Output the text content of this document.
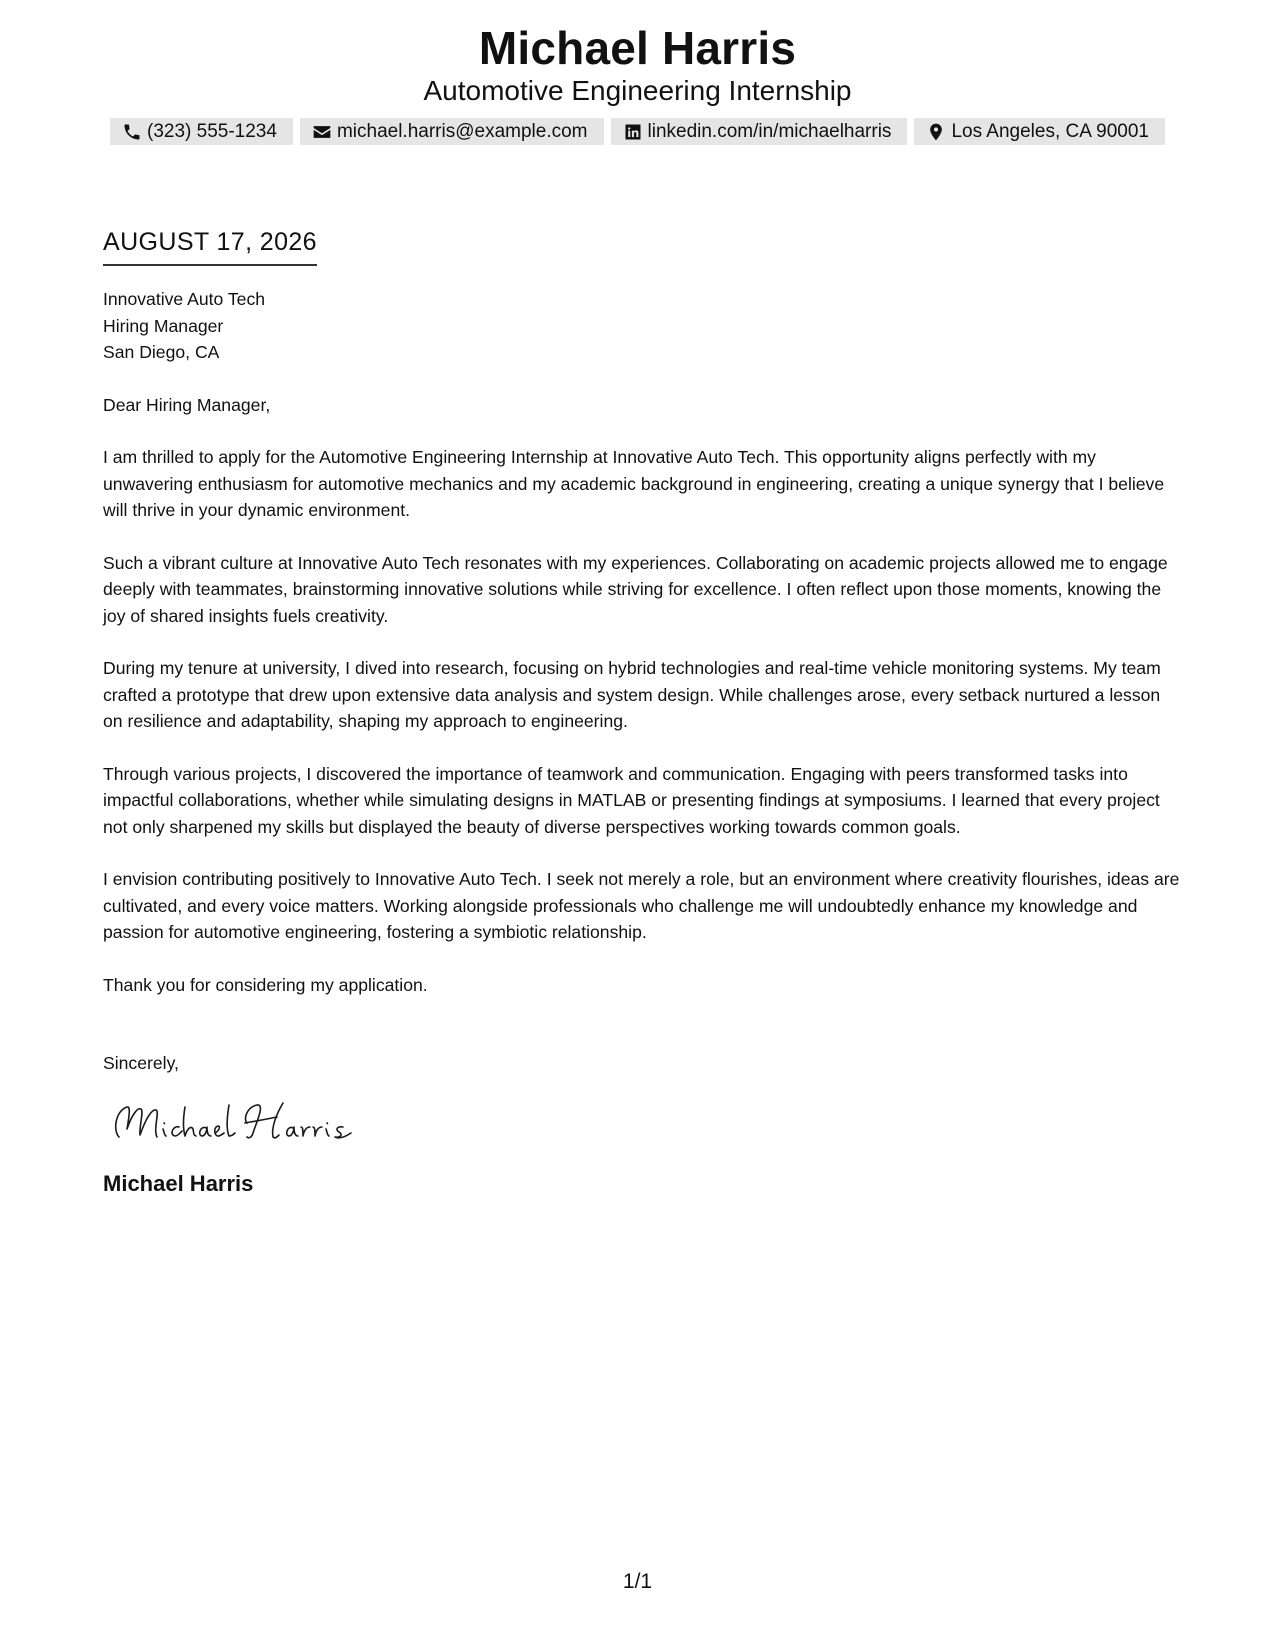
Michael Harris
Automotive Engineering Internship
(323) 555-1234	michael.harris@example.com	linkedin.com/in/michaelharris	Los Angeles, CA 90001
AUGUST 17, 2026
Innovative Auto Tech
Hiring Manager
San Diego, CA
Dear Hiring Manager,

I am thrilled to apply for the Automotive Engineering Internship at Innovative Auto Tech. This opportunity aligns perfectly with my unwavering enthusiasm for automotive mechanics and my academic background in engineering, creating a unique synergy that I believe will thrive in your dynamic environment.

Such a vibrant culture at Innovative Auto Tech resonates with my experiences. Collaborating on academic projects allowed me to engage deeply with teammates, brainstorming innovative solutions while striving for excellence. I often reflect upon those moments, knowing the joy of shared insights fuels creativity.

During my tenure at university, I dived into research, focusing on hybrid technologies and real-time vehicle monitoring systems. My team crafted a prototype that drew upon extensive data analysis and system design. While challenges arose, every setback nurtured a lesson on resilience and adaptability, shaping my approach to engineering.

Through various projects, I discovered the importance of teamwork and communication. Engaging with peers transformed tasks into impactful collaborations, whether while simulating designs in MATLAB or presenting findings at symposiums. I learned that every project not only sharpened my skills but displayed the beauty of diverse perspectives working towards common goals.

I envision contributing positively to Innovative Auto Tech. I seek not merely a role, but an environment where creativity flourishes, ideas are cultivated, and every voice matters. Working alongside professionals who challenge me will undoubtedly enhance my knowledge and passion for automotive engineering, fostering a symbiotic relationship.

Thank you for considering my application.
Sincerely,
Michael Harris
1/1
